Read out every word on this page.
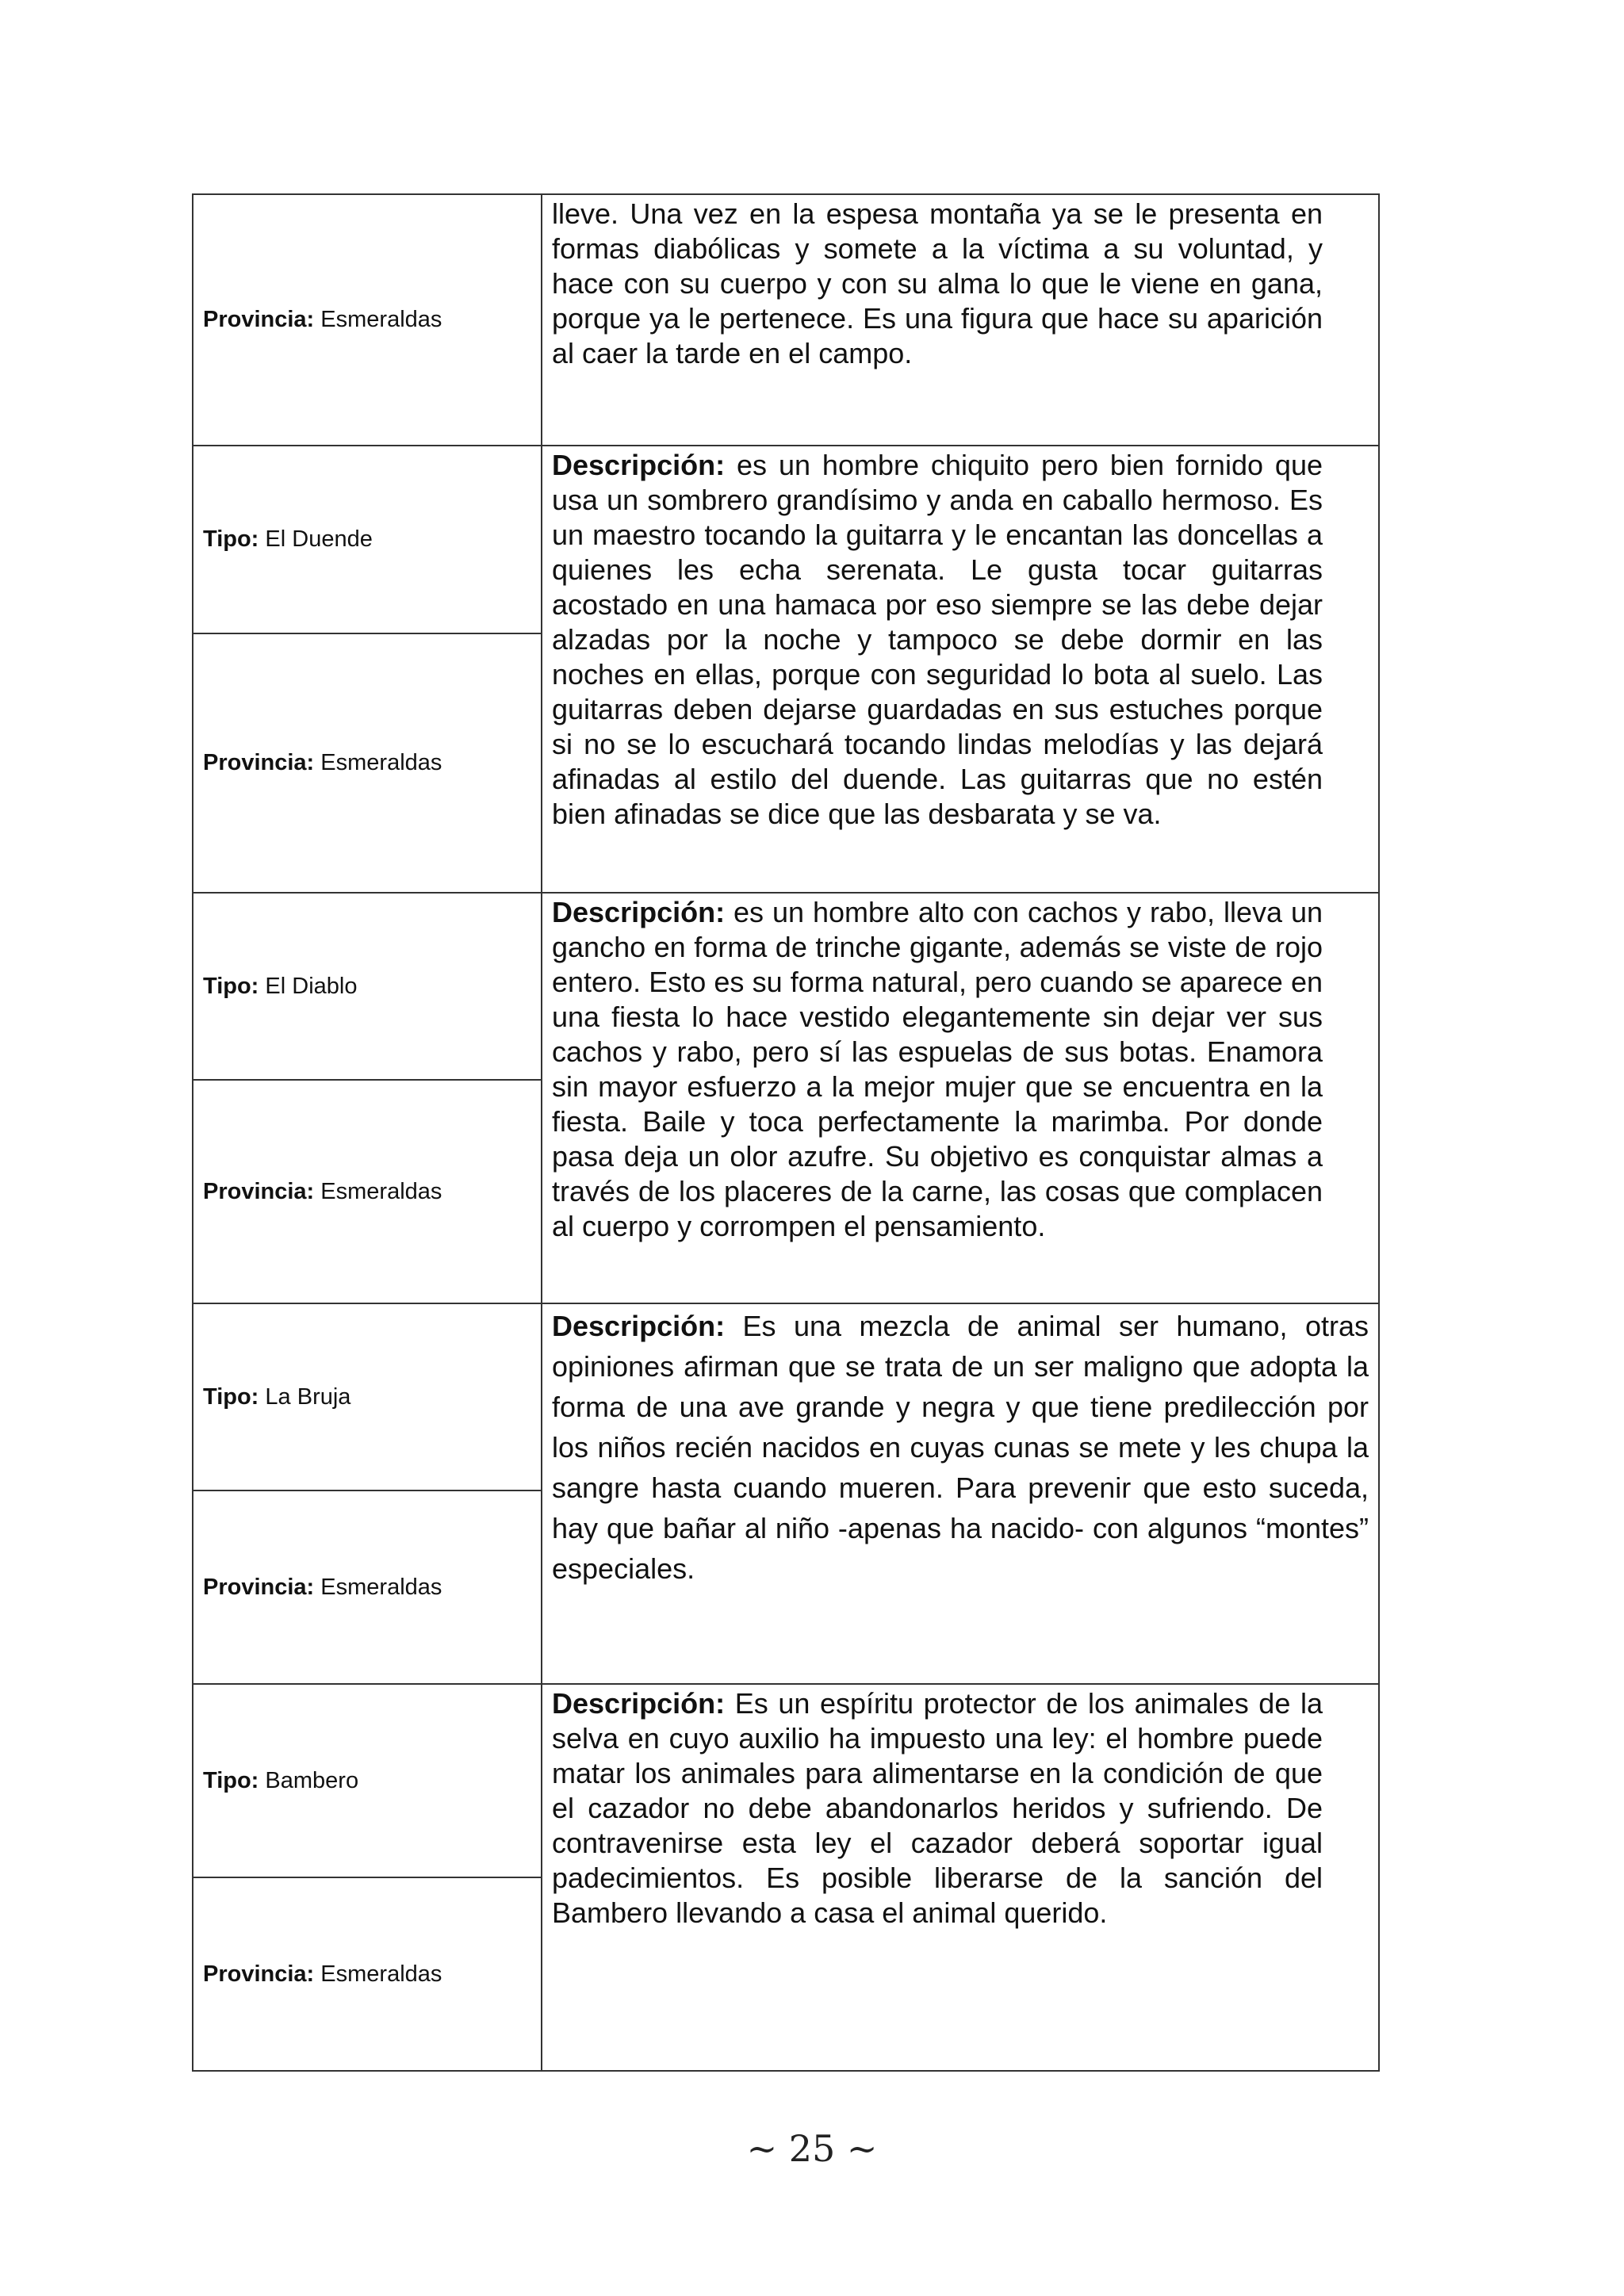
Provincia: Esmeraldas	lleve. Una vez en la espesa montaña ya se le presenta en formas diabólicas y somete a la víctima a su voluntad, y hace con su cuerpo y con su alma lo que le viene en gana, porque ya le pertenece. Es una figura que hace su aparición al caer la tarde en el campo.
Tipo: El Duende	Descripción: es un hombre chiquito pero bien fornido que usa un sombrero grandísimo y anda en caballo hermoso. Es un maestro tocando la guitarra y le encantan las doncellas a quienes les echa serenata. Le gusta tocar guitarras acostado en una hamaca por eso siempre se las debe dejar alzadas por la noche y tampoco se debe dormir en las noches en ellas, porque con seguridad lo bota al suelo. Las guitarras deben dejarse guardadas en sus estuches porque si no se lo escuchará tocando lindas melodías y las dejará afinadas al estilo del duende. Las guitarras que no estén bien afinadas se dice que las desbarata y se va.
Provincia: Esmeraldas	
Tipo: El Diablo	Descripción: es un hombre alto con cachos y rabo, lleva un gancho en forma de trinche gigante, además se viste de rojo entero. Esto es su forma natural, pero cuando se aparece en una fiesta lo hace vestido elegantemente sin dejar ver sus cachos y rabo, pero sí las espuelas de sus botas. Enamora sin mayor esfuerzo a la mejor mujer que se encuentra en la fiesta. Baile y toca perfectamente la marimba. Por donde pasa deja un olor azufre. Su objetivo es conquistar almas a través de los placeres de la carne, las cosas que complacen al cuerpo y corrompen el pensamiento.
Provincia: Esmeraldas	
Tipo: La Bruja	Descripción: Es una mezcla de animal ser humano, otras opiniones afirman que se trata de un ser maligno que adopta la forma de una ave grande y negra y que tiene predilección por los niños recién nacidos en cuyas cunas se mete y les chupa la sangre hasta cuando mueren. Para prevenir que esto suceda, hay que bañar al niño -apenas ha nacido- con algunos “montes” especiales.
Provincia: Esmeraldas	
Tipo: Bambero	Descripción: Es un espíritu protector de los animales de la selva en cuyo auxilio ha impuesto una ley: el hombre puede matar los animales para alimentarse en la condición de que el cazador no debe abandonarlos heridos y sufriendo. De contravenirse esta ley el cazador deberá soportar igual padecimientos. Es posible liberarse de la sanción del Bambero llevando a casa el animal querido.
Provincia: Esmeraldas	
~ 25 ~
